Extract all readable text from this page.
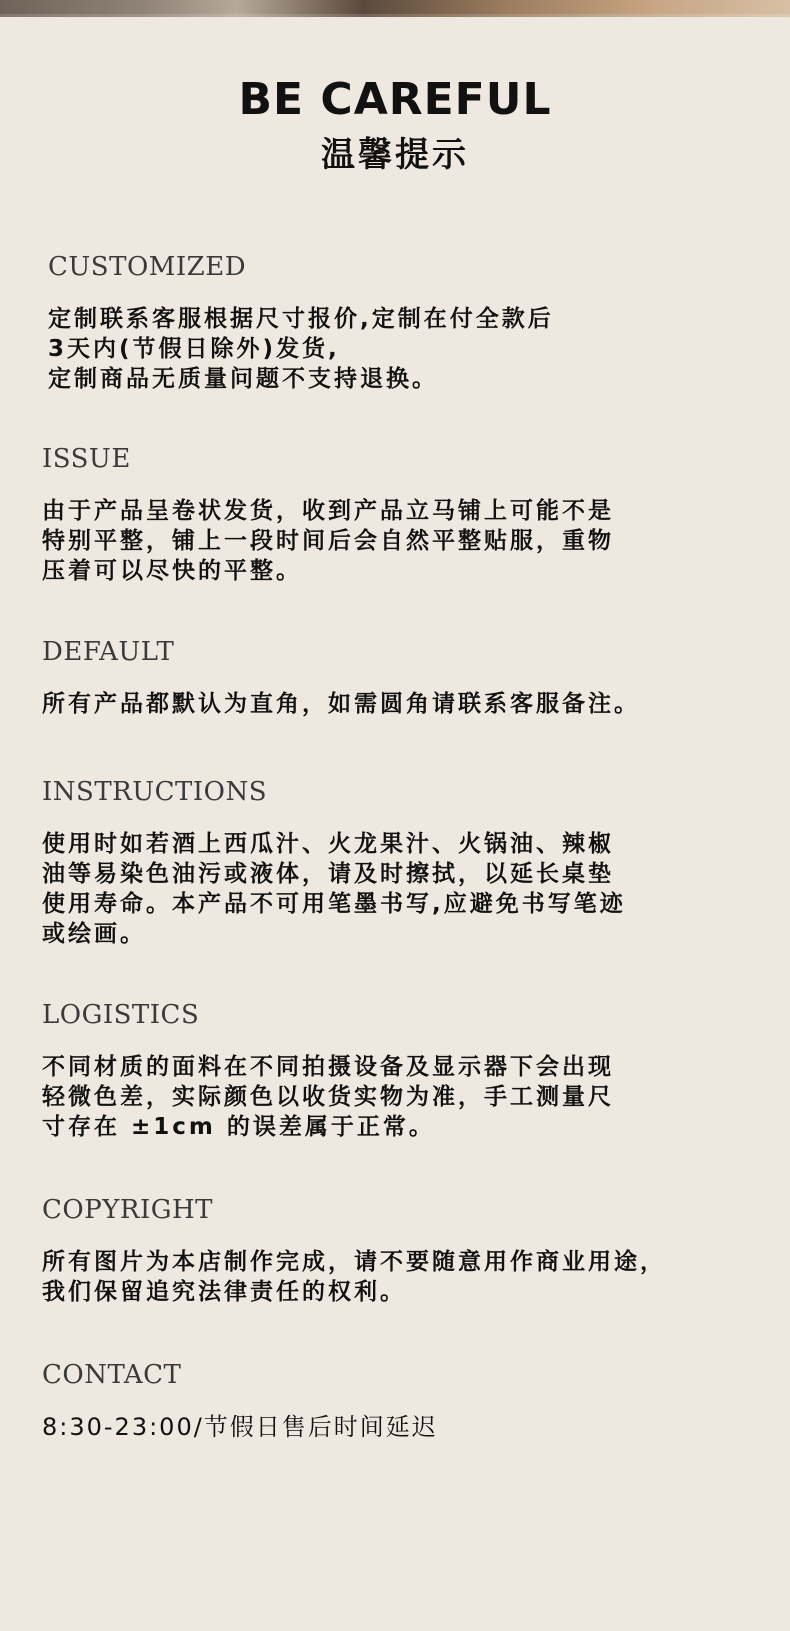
BE CAREFUL
温馨提示
CUSTOMIZED
定制联系客服根据尺寸报价,定制在付全款后
3天内(节假日除外)发货,
定制商品无质量问题不支持退换。
ISSUE
由于产品呈卷状发货，收到产品立马铺上可能不是
特别平整，铺上一段时间后会自然平整贴服，重物
压着可以尽快的平整。
DEFAULT
所有产品都默认为直角，如需圆角请联系客服备注。
INSTRUCTIONS
使用时如若酒上西瓜汁、火龙果汁、火锅油、辣椒
油等易染色油污或液体，请及时擦拭，以延长桌垫
使用寿命。本产品不可用笔墨书写,应避免书写笔迹
或绘画。
LOGISTICS
不同材质的面料在不同拍摄设备及显示器下会出现
轻微色差，实际颜色以收货实物为准，手工测量尺
寸存在 ±1cm 的误差属于正常。
COPYRIGHT
所有图片为本店制作完成，请不要随意用作商业用途，
我们保留追究法律责任的权利。
CONTACT
8:30-23:00/节假日售后时间延迟
